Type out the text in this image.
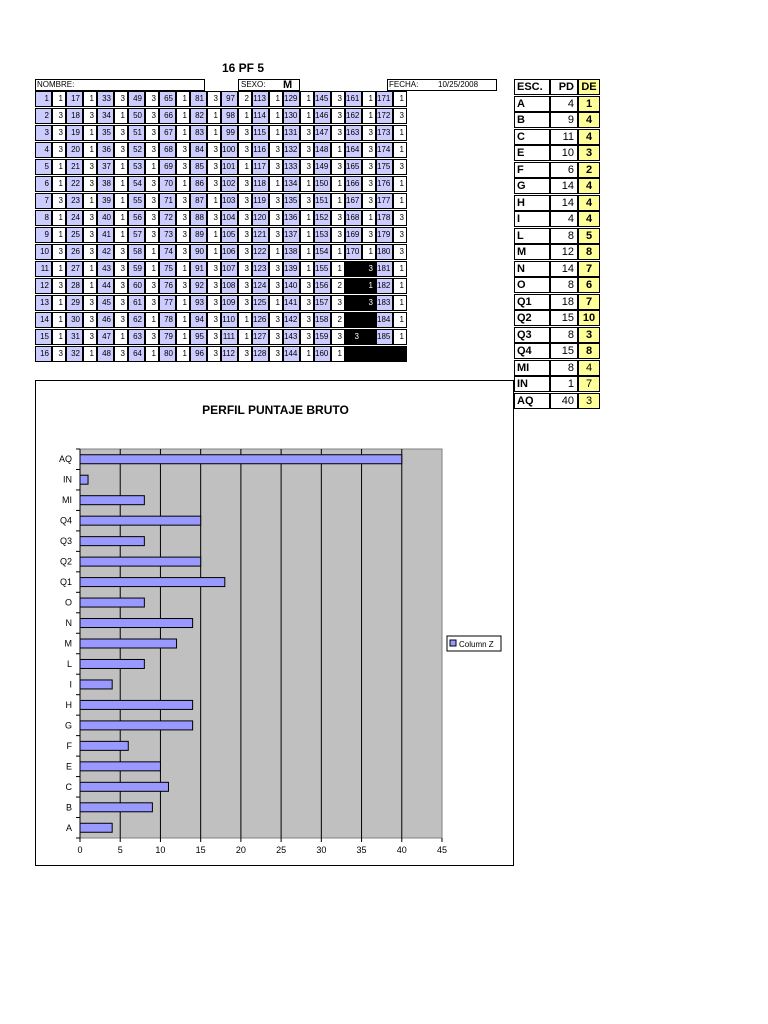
16 PF 5
NOMBRE:	SEXO: M	FECHA: 10/25/2008
1	1	17	1	33	3	49	3	65	1	81	3	97	2 113	1 129	1 145	3 161	1 171	1
2	3	18	3	34	1	50	3	66	1	82	1	98	1 114	1 130	1 146	3 162	1 172	3
3	3	19	1	35	3	51	3	67	1	83	1	99	3 115	1 131	3 147	3 163	3 173	1
4	3	20	1	36	3	52	3	68	3	84	3 100	3 116	3 132	3 148	1 164	3 174	1
5	1	21	3	37	1	53	1	69	3	85	3 101	1 117	3 133	3 149	3 165	3 175	3
6	1	22	3	38	1	54	3	70	1	86	3 102	3 118	1 134	1 150	1 166	3 176	1
7	3	23	1	39	1	55	3	71	3	87	1 103	3 119	3 135	3 151	1 167	3 177	1
8	1	24	3	40	1	56	3	72	3	88	3 104	3 120	3 136	1 152	3 168	1 178	3
9	1	25	3	41	1	57	3	73	3	89	1 105	3 121	3 137	1 153	3 169	3 179	3
10	3	26	3	42	3	58	1	74	3	90	1 106	3 122	1 138	1 154	1 170	1 180	3
11	1	27	1	43	3	59	1	75	1	91	3 107	3 123	3 139	1 155	1	3 181	1
12	3	28	1	44	3	60	3	76	3	92	3 108	3 124	3 140	3 156	2	1 182	1
13	1	29	3	45	3	61	3	77	1	93	3 109	3 125	1 141	3 157	3	3 183	1
14	1	30	3	46	3	62	1	78	1	94	3 110	1 126	3 142	3 158	2	184	1
15	1	31	3	47	1	63	3	79	1	95	3 111	1 127	3 143	3 159	3	3	185	1
16	3	32	1	48	3	64	1	80	1	96	3 112	3 128	3 144	1 160	1
ESC.	PD DE
A	4	1
B	9	4
C	11	4
E	10	3
F	6	2
G	14	4
H	14	4
I	4	4
L	8	5
M	12	8
N	14	7
O	8	6
Q1	18	7
Q2	15 10
Q3	8	3
Q4	15	8
MI	8	4
IN	1	7
AQ	40	3
PERFIL PUNTAJE BRUTO
0	5	10	15	20	25	30	35	40	45
AQ
IN
MI
Q4
Q3
Q2
Q1
O
N
M
L
I
H
G
F
E
C
B
A
Column Z
